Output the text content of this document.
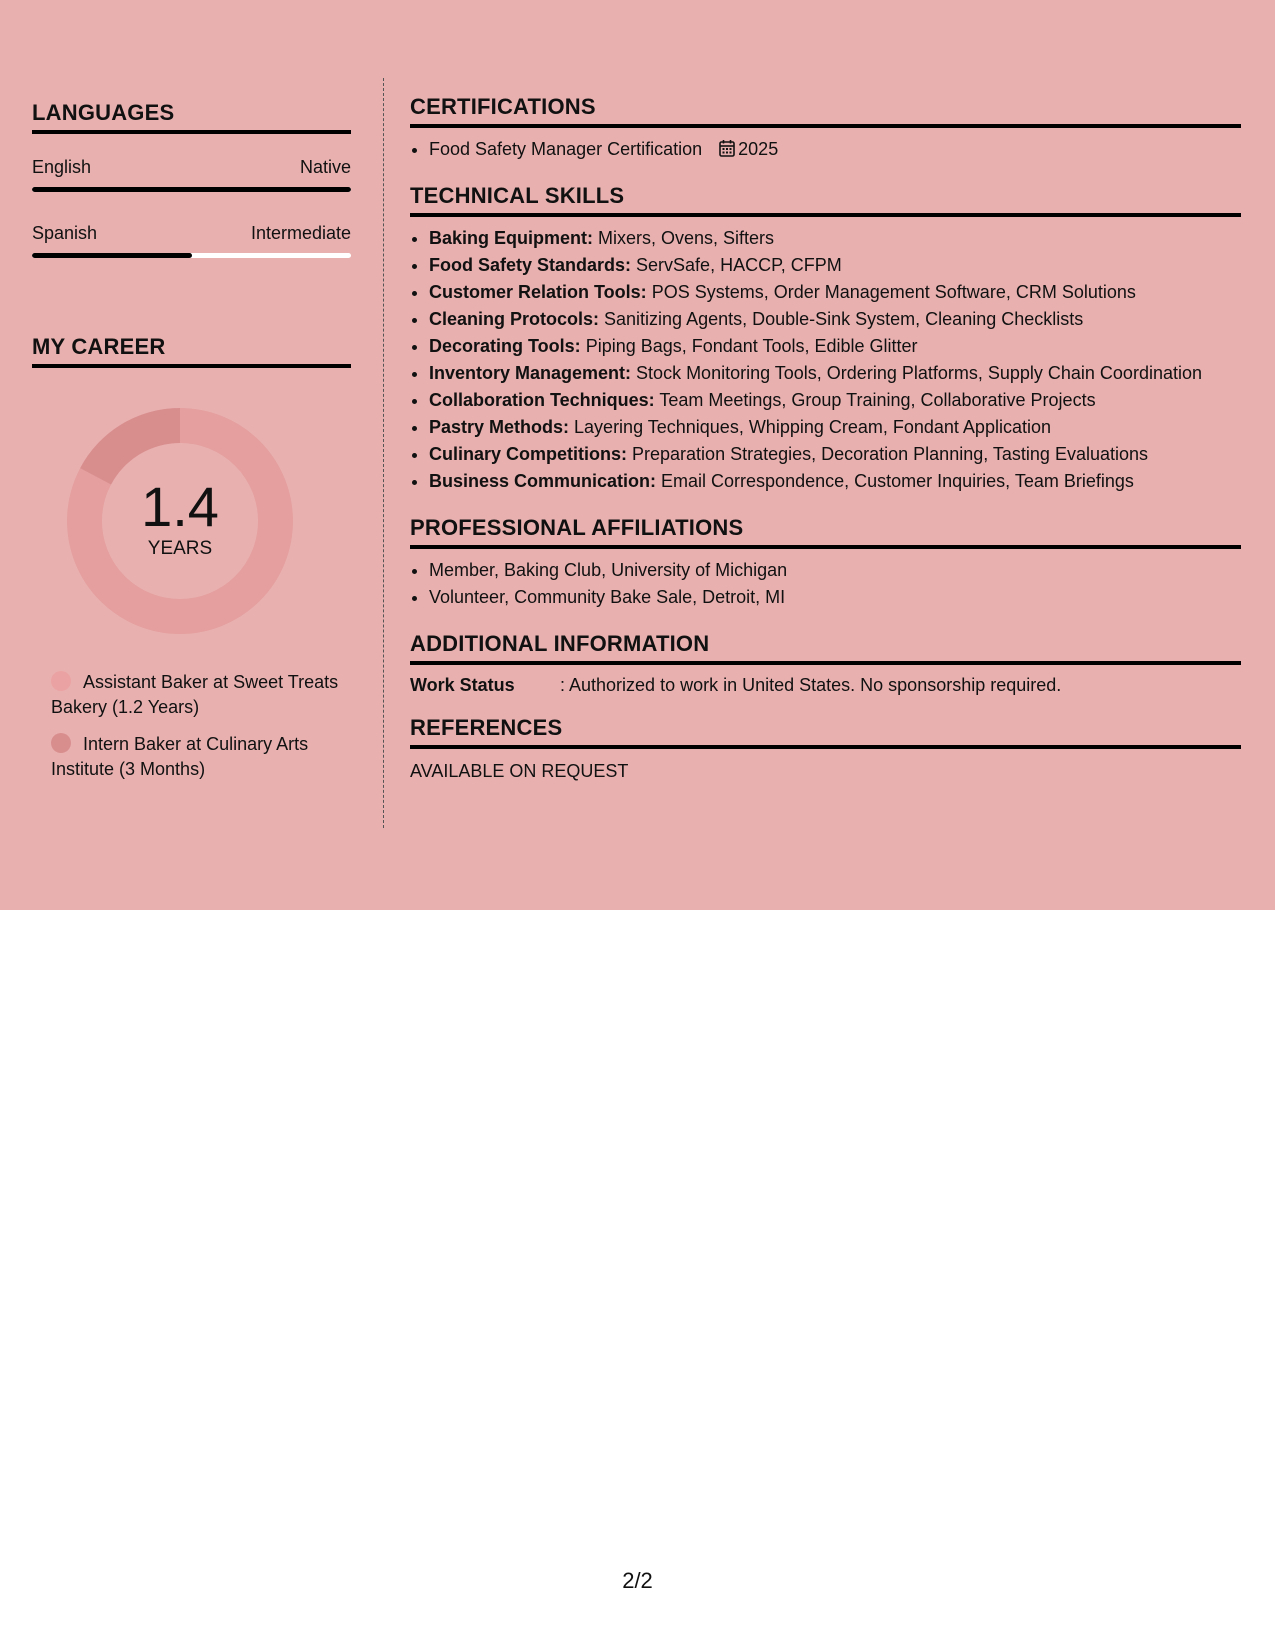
LANGUAGES
English	Native
Spanish	Intermediate
MY CAREER
1.4
YEARS
Assistant Baker at Sweet Treats Bakery (1.2 Years)
Intern Baker at Culinary Arts Institute (3 Months)
CERTIFICATIONS
• Food Safety Manager Certification 2025
TECHNICAL SKILLS
• Baking Equipment: Mixers, Ovens, Sifters
• Food Safety Standards: ServSafe, HACCP, CFPM
• Customer Relation Tools: POS Systems, Order Management Software, CRM Solutions
• Cleaning Protocols: Sanitizing Agents, Double-Sink System, Cleaning Checklists
• Decorating Tools: Piping Bags, Fondant Tools, Edible Glitter
• Inventory Management: Stock Monitoring Tools, Ordering Platforms, Supply Chain Coordination
• Collaboration Techniques: Team Meetings, Group Training, Collaborative Projects
• Pastry Methods: Layering Techniques, Whipping Cream, Fondant Application
• Culinary Competitions: Preparation Strategies, Decoration Planning, Tasting Evaluations
• Business Communication: Email Correspondence, Customer Inquiries, Team Briefings
PROFESSIONAL AFFILIATIONS
• Member, Baking Club, University of Michigan
• Volunteer, Community Bake Sale, Detroit, MI
ADDITIONAL INFORMATION
Work Status	: Authorized to work in United States. No sponsorship required.
REFERENCES
AVAILABLE ON REQUEST
2/2
